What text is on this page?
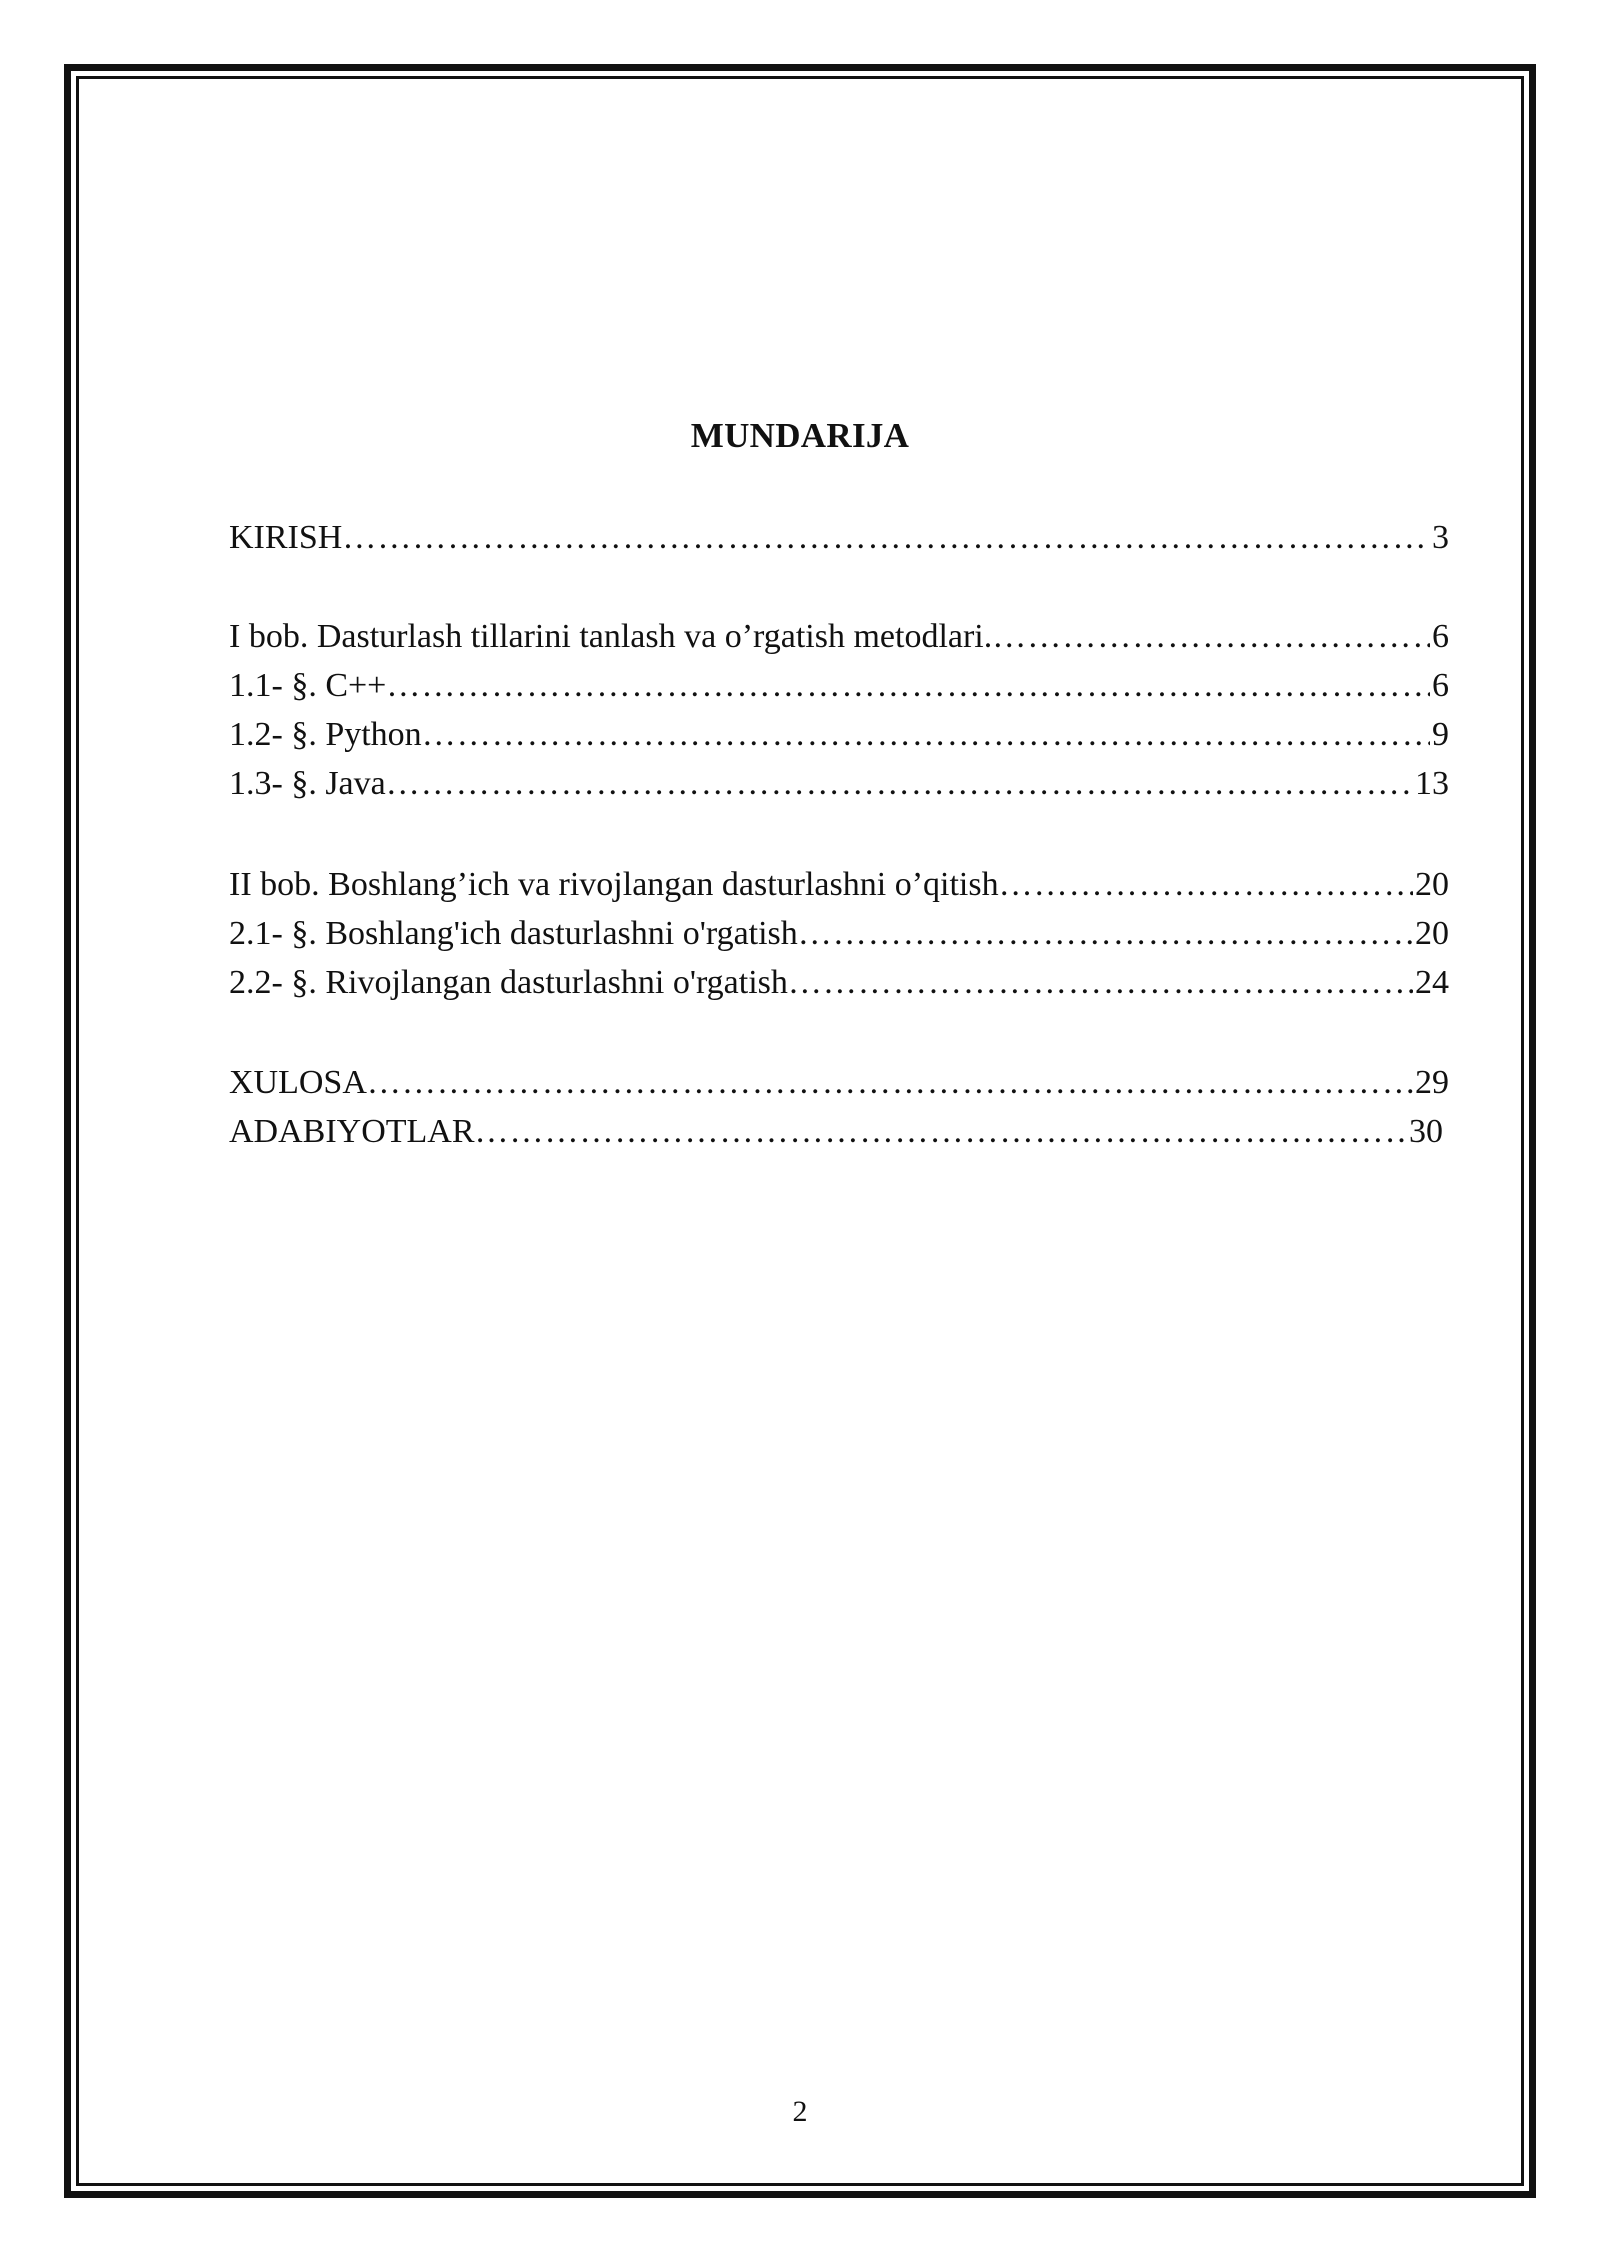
MUNDARIJA
KIRISH ………………………………………………………………………………………………………………………………………………………………………………………………………………	3
I bob. Dasturlash tillarini tanlash va o’rgatish metodlari. ………………………………………………………………………………………………………………………………………………………………………………………………………………	6
1.1- §. C++ ………………………………………………………………………………………………………………………………………………………………………………………………………………	6
1.2- §. Python ………………………………………………………………………………………………………………………………………………………………………………………………………………	9
1.3- §. Java ………………………………………………………………………………………………………………………………………………………………………………………………………………	13
II bob. Boshlang’ich va rivojlangan dasturlashni o’qitish ………………………………………………………………………………………………………………………………………………………………………………………………………………	20
2.1- §. Boshlang'ich dasturlashni o'rgatish ………………………………………………………………………………………………………………………………………………………………………………………………………………	20
2.2- §. Rivojlangan dasturlashni o'rgatish ………………………………………………………………………………………………………………………………………………………………………………………………………………	24
XULOSA ………………………………………………………………………………………………………………………………………………………………………………………………………………	29
ADABIYOTLAR ………………………………………………………………………………………………………………………………………………………………………………………………………………	30
2
